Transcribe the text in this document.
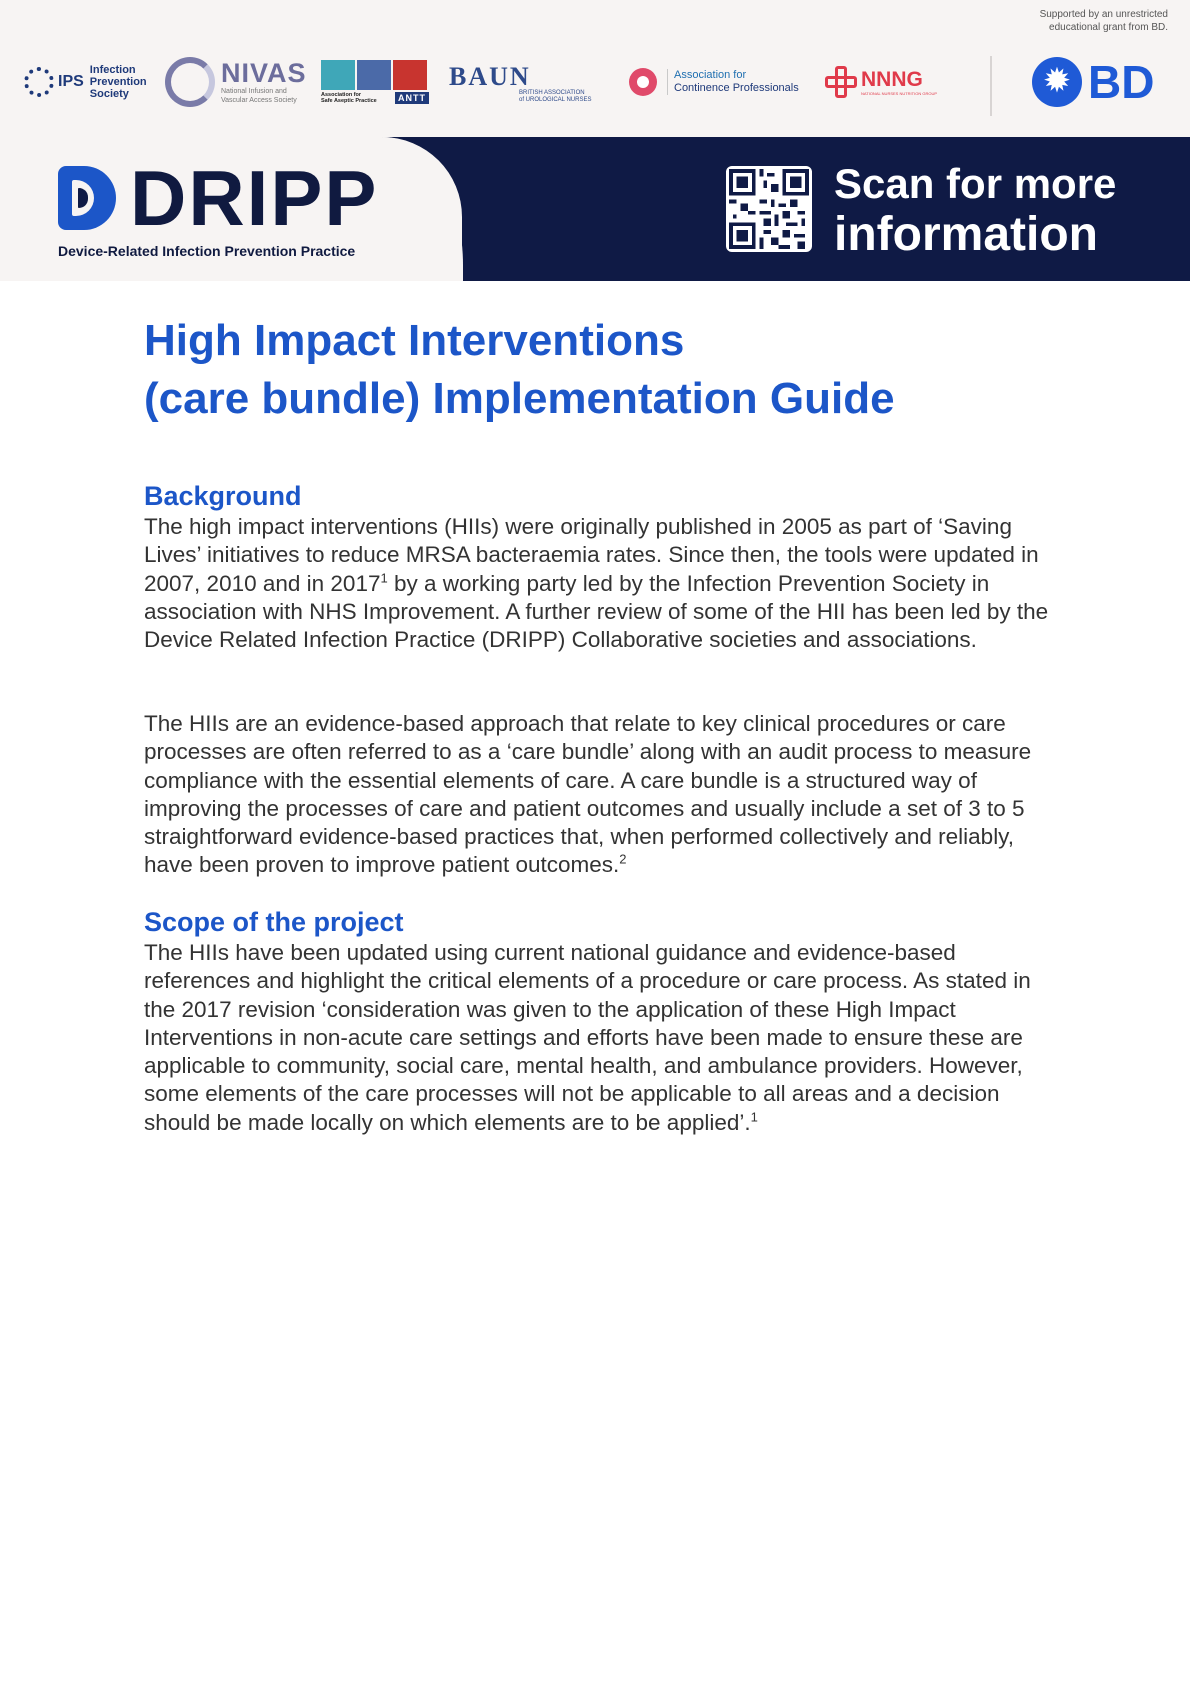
Supported by an unrestricted
educational grant from BD.
IPS
Infection
Prevention
Society
NIVAS
National Infusion and
Vascular Access Society
Association for
Safe Aseptic Practice	ANTT
BAUN
BRITISH ASSOCIATION
of UROLOGICAL NURSES
Association for
Continence Professionals	NNNG
NATIONAL NURSES NUTRITION GROUP
✹	BD
DRIPP
Device-Related Infection Prevention Practice
Scan for more
information
High Impact Interventions
(care bundle) Implementation Guide
Background

The high impact interventions (HIIs) were originally published in 2005 as part of ‘Saving Lives’ initiatives to reduce MRSA bacteraemia rates. Since then, the tools were updated in 2007, 2010 and in 2017$^1$ by a working party led by the Infection Prevention Society in association with NHS Improvement. A further review of some of the HII has been led by the Device Related Infection Practice (DRIPP) Collaborative societies and associations.

The HIIs are an evidence-based approach that relate to key clinical procedures or care processes are often referred to as a ‘care bundle’ along with an audit process to measure compliance with the essential elements of care. A care bundle is a structured way of improving the processes of care and patient outcomes and usually include a set of 3 to 5 straightforward evidence-based practices that, when performed collectively and reliably, have been proven to improve patient outcomes.$^2$

Scope of the project

The HIIs have been updated using current national guidance and evidence-based references and highlight the critical elements of a procedure or care process. As stated in the 2017 revision ‘consideration was given to the application of these High Impact Interventions in non-acute care settings and efforts have been made to ensure these are applicable to community, social care, mental health, and ambulance providers. However, some elements of the care processes will not be applicable to all areas and a decision should be made locally on which elements are to be applied’.$^1$
